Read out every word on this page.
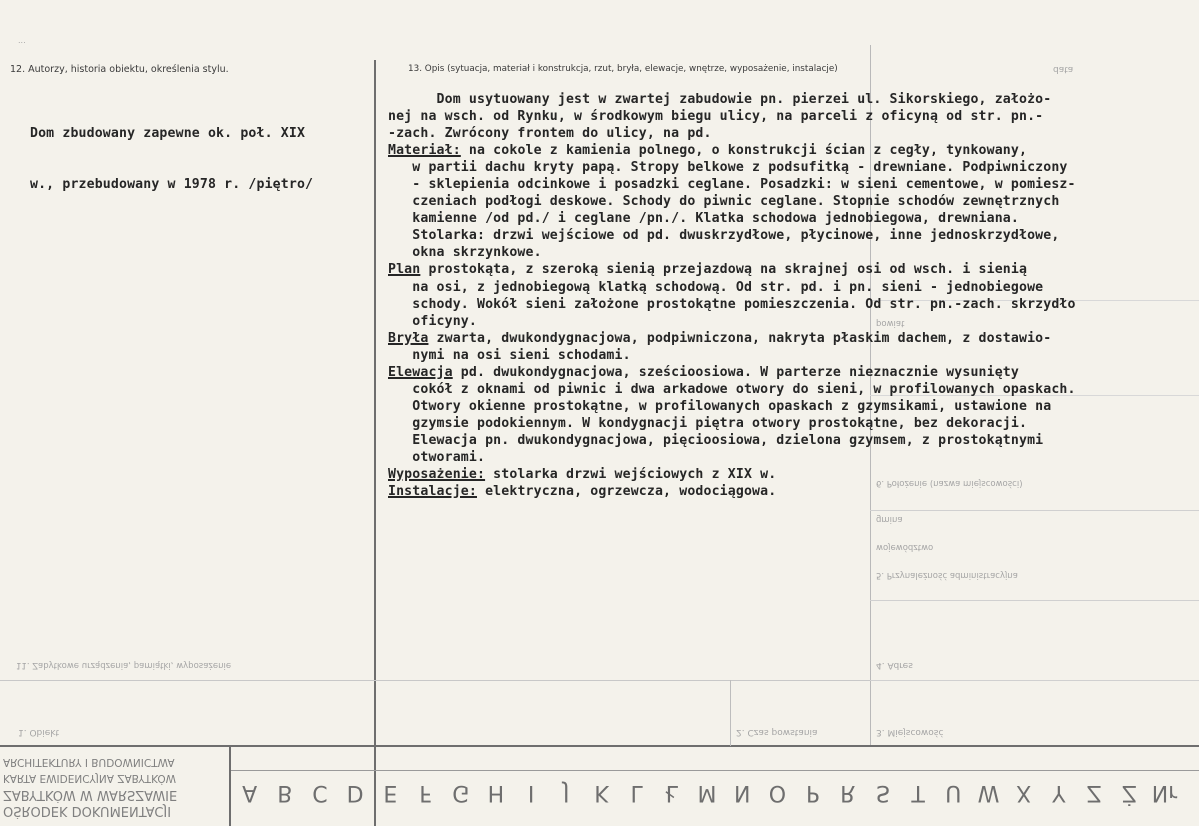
...
12. Autorzy, historia obiektu, określenia stylu.	13. Opis (sytuacja, materiał i konstrukcja, rzut, bryła, elewacje, wnętrze, wyposażenie, instalacje)	data
11. Zabytkowe urządzenia, pamiątki, wyposażenie
1. Obiekt	2. Czas powstania	3. Miejscowość
4. Adres
5. Przynależność administracyjna
6. Położenie (nazwa miejscowości)
gmina
województwo
powiat

Dom zbudowany zapewne ok. poł. XIX

w., przebudowany w 1978 r. /piętro/

Dom usytuowany jest w zwartej zabudowie pn. pierzei ul. Sikorskiego, założo-
nej na wsch. od Rynku, w środkowym biegu ulicy, na parceli z oficyną od str. pn.-
-zach. Zwrócony frontem do ulicy, na pd.
Materiał: na cokole z kamienia polnego, o konstrukcji ścian z cegły, tynkowany,
w partii dachu kryty papą. Stropy belkowe z podsufitką - drewniane. Podpiwniczony
- sklepienia odcinkowe i posadzki ceglane. Posadzki: w sieni cementowe, w pomiesz-
czeniach podłogi deskowe. Schody do piwnic ceglane. Stopnie schodów zewnętrznych
kamienne /od pd./ i ceglane /pn./. Klatka schodowa jednobiegowa, drewniana.
Stolarka: drzwi wejściowe od pd. dwuskrzydłowe, płycinowe, inne jednoskrzydłowe,
okna skrzynkowe.
Plan prostokąta, z szeroką sienią przejazdową na skrajnej osi od wsch. i sienią
na osi, z jednobiegową klatką schodową. Od str. pd. i pn. sieni - jednobiegowe
schody. Wokół sieni założone prostokątne pomieszczenia. Od str. pn.-zach. skrzydło
oficyny.
Bryła zwarta, dwukondygnacjowa, podpiwniczona, nakryta płaskim dachem, z dostawio-
nymi na osi sieni schodami.
Elewacja pd. dwukondygnacjowa, sześcioosiowa. W parterze nieznacznie wysunięty
cokół z oknami od piwnic i dwa arkadowe otwory do sieni, w profilowanych opaskach.
Otwory okienne prostokątne, w profilowanych opaskach z gzymsikami, ustawione na
gzymsie podokiennym. W kondygnacji piętra otwory prostokątne, bez dekoracji.
Elewacja pn. dwukondygnacjowa, pięcioosiowa, dzielona gzymsem, z prostokątnymi
otworami.
Wyposażenie: stolarka drzwi wejściowych z XIX w.
Instalacje: elektryczna, ogrzewcza, wodociągowa.
ARCHITEKTURY I BUDOWNICTWA
KARTA EWIDENCYJNA ZABYTKÓW
ZABYTKÓW W WARSZAWIE
OŚRODEK DOKUMENTACJI
A B C D E F G H	I	J	K L	Ł M N O P R S T U W X Y Z Ż Nr
